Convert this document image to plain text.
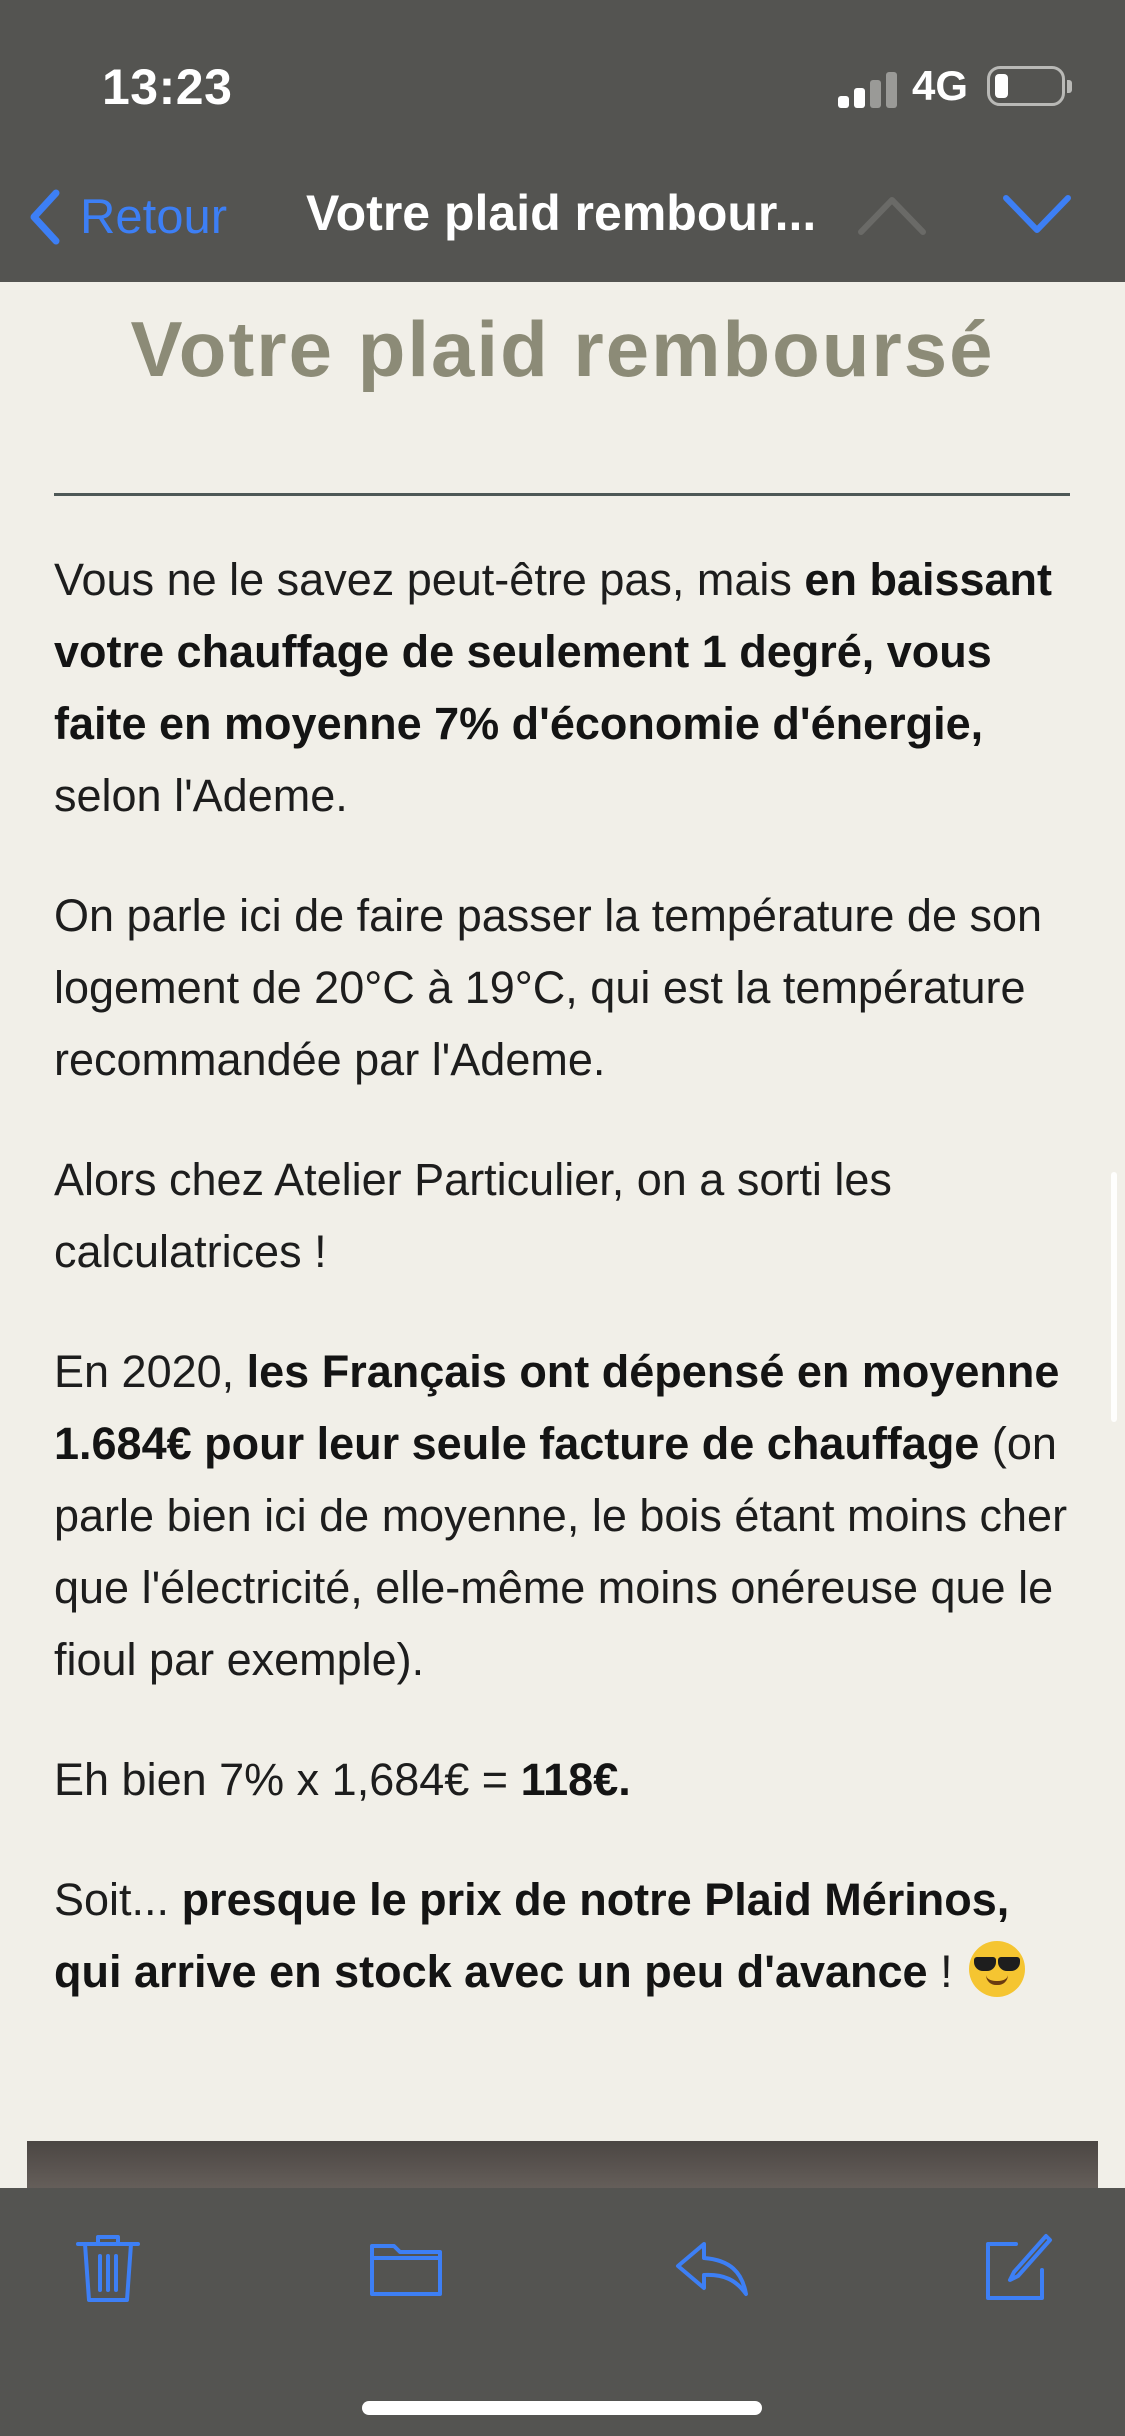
13:23	4G
Retour Votre plaid rembour...
Votre plaid remboursé

Vous ne le savez peut-être pas, mais en baissant votre chauffage de seulement 1 degré, vous faite en moyenne 7% d'économie d'énergie, selon l'Ademe.

On parle ici de faire passer la température de son logement de 20°C à 19°C, qui est la température recommandée par l'Ademe.

Alors chez Atelier Particulier, on a sorti les calculatrices !

En 2020, les Français ont dépensé en moyenne 1.684€ pour leur seule facture de chauffage (on parle bien ici de moyenne, le bois étant moins cher que l'électricité, elle-même moins onéreuse que le fioul par exemple).

Eh bien 7% x 1,684€ = 118€.

Soit... presque le prix de notre Plaid Mérinos, qui arrive en stock avec un peu d'avance !
